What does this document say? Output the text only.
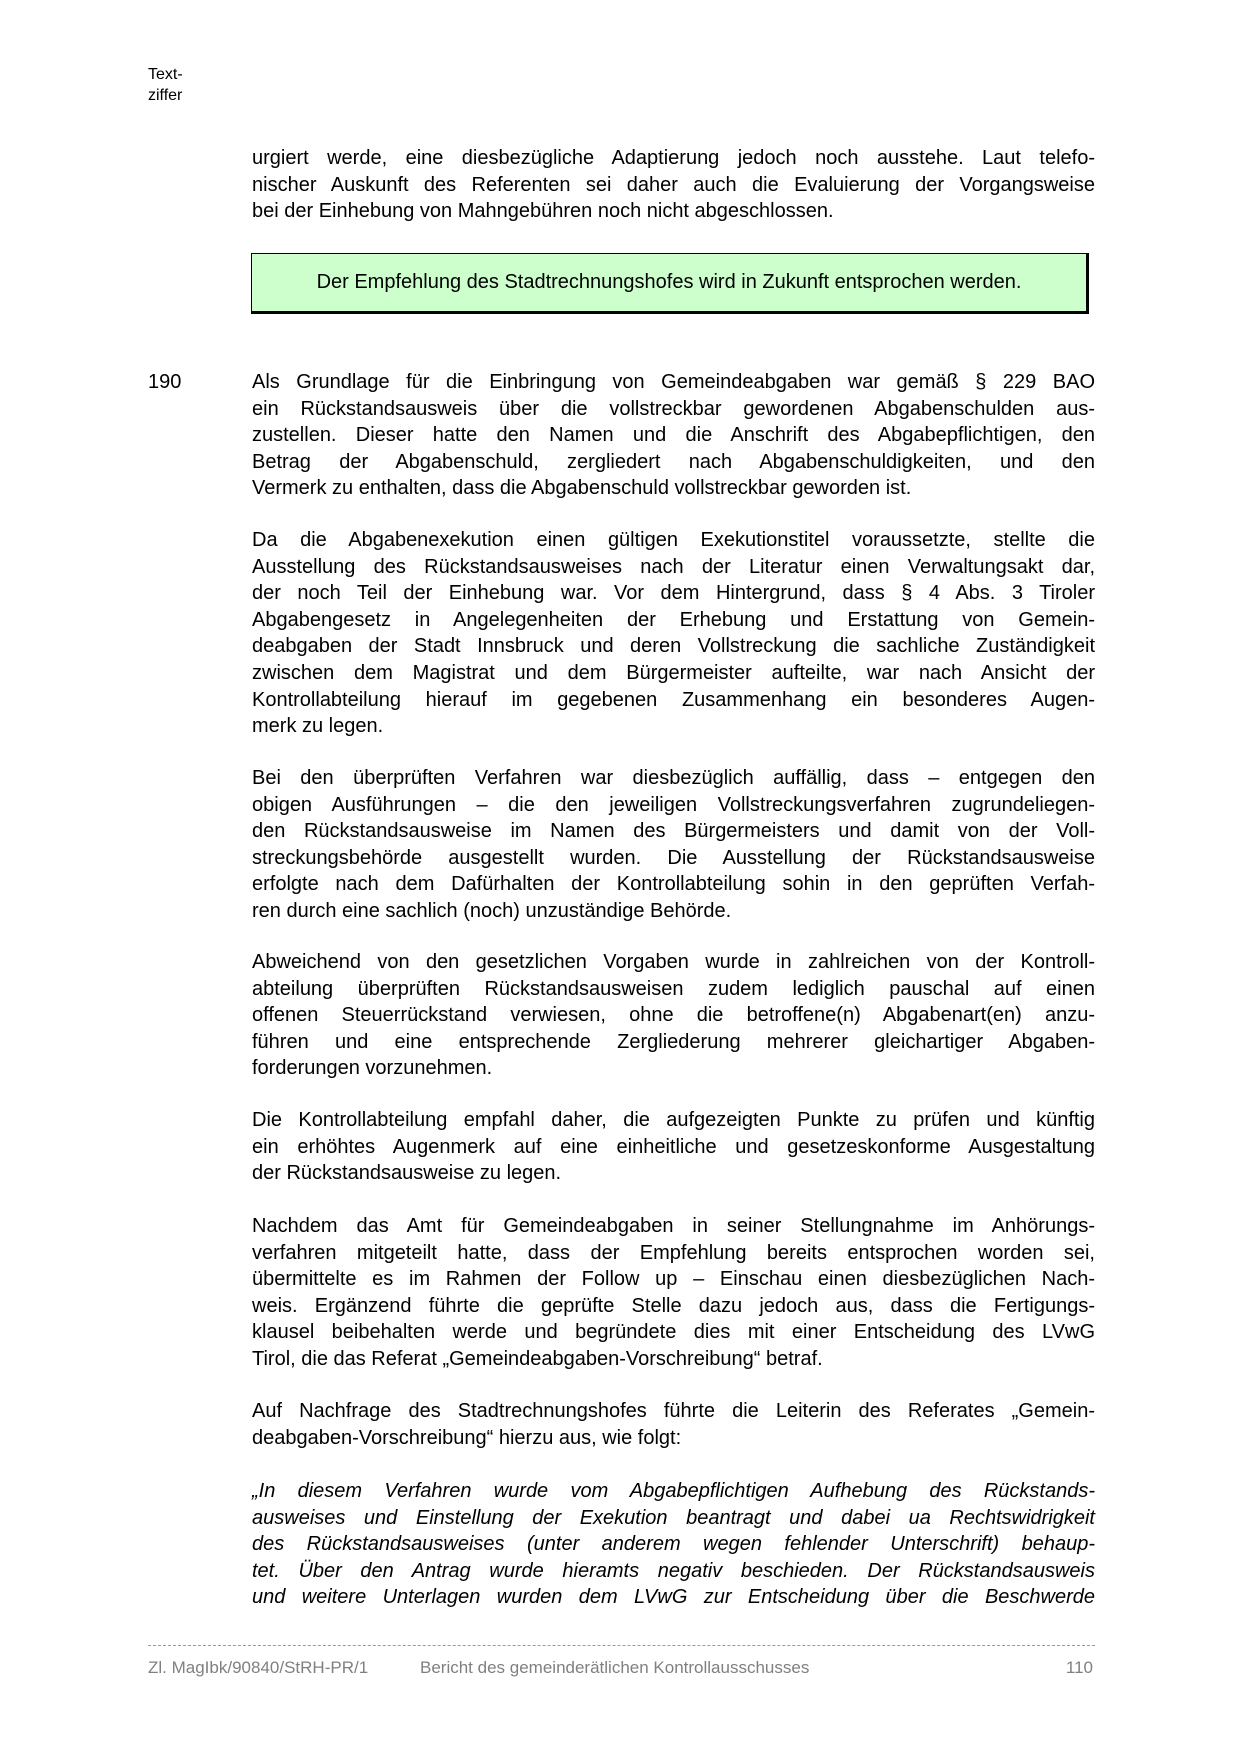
Text-
ziffer
urgiert werde, eine diesbezügliche Adaptierung jedoch noch ausstehe. Laut telefo-
nischer Auskunft des Referenten sei daher auch die Evaluierung der Vorgangsweise
bei der Einhebung von Mahngebühren noch nicht abgeschlossen.
Der Empfehlung des Stadtrechnungshofes wird in Zukunft entsprochen werden.
190	Als Grundlage für die Einbringung von Gemeindeabgaben war gemäß § 229 BAO
ein Rückstandsausweis über die vollstreckbar gewordenen Abgabenschulden aus-
zustellen. Dieser hatte den Namen und die Anschrift des Abgabepflichtigen, den
Betrag der Abgabenschuld, zergliedert nach Abgabenschuldigkeiten, und den
Vermerk zu enthalten, dass die Abgabenschuld vollstreckbar geworden ist.
Da die Abgabenexekution einen gültigen Exekutionstitel voraussetzte, stellte die
Ausstellung des Rückstandsausweises nach der Literatur einen Verwaltungsakt dar,
der noch Teil der Einhebung war. Vor dem Hintergrund, dass § 4 Abs. 3 Tiroler
Abgabengesetz in Angelegenheiten der Erhebung und Erstattung von Gemein-
deabgaben der Stadt Innsbruck und deren Vollstreckung die sachliche Zuständigkeit
zwischen dem Magistrat und dem Bürgermeister aufteilte, war nach Ansicht der
Kontrollabteilung hierauf im gegebenen Zusammenhang ein besonderes Augen-
merk zu legen.
Bei den überprüften Verfahren war diesbezüglich auffällig, dass – entgegen den
obigen Ausführungen – die den jeweiligen Vollstreckungsverfahren zugrundeliegen-
den Rückstandsausweise im Namen des Bürgermeisters und damit von der Voll-
streckungsbehörde ausgestellt wurden. Die Ausstellung der Rückstandsausweise
erfolgte nach dem Dafürhalten der Kontrollabteilung sohin in den geprüften Verfah-
ren durch eine sachlich (noch) unzuständige Behörde.
Abweichend von den gesetzlichen Vorgaben wurde in zahlreichen von der Kontroll-
abteilung überprüften Rückstandsausweisen zudem lediglich pauschal auf einen
offenen Steuerrückstand verwiesen, ohne die betroffene(n) Abgabenart(en) anzu-
führen und eine entsprechende Zergliederung mehrerer gleichartiger Abgaben-
forderungen vorzunehmen.
Die Kontrollabteilung empfahl daher, die aufgezeigten Punkte zu prüfen und künftig
ein erhöhtes Augenmerk auf eine einheitliche und gesetzeskonforme Ausgestaltung
der Rückstandsausweise zu legen.
Nachdem das Amt für Gemeindeabgaben in seiner Stellungnahme im Anhörungs-
verfahren mitgeteilt hatte, dass der Empfehlung bereits entsprochen worden sei,
übermittelte es im Rahmen der Follow up – Einschau einen diesbezüglichen Nach-
weis. Ergänzend führte die geprüfte Stelle dazu jedoch aus, dass die Fertigungs-
klausel beibehalten werde und begründete dies mit einer Entscheidung des LVwG
Tirol, die das Referat „Gemeindeabgaben-Vorschreibung“ betraf.
Auf Nachfrage des Stadtrechnungshofes führte die Leiterin des Referates „Gemein-
deabgaben-Vorschreibung“ hierzu aus, wie folgt:
„In diesem Verfahren wurde vom Abgabepflichtigen Aufhebung des Rückstands-
ausweises und Einstellung der Exekution beantragt und dabei ua Rechtswidrigkeit
des Rückstandsausweises (unter anderem wegen fehlender Unterschrift) behaup-
tet. Über den Antrag wurde hieramts negativ beschieden. Der Rückstandsausweis
und weitere Unterlagen wurden dem LVwG zur Entscheidung über die Beschwerde
Zl. MagIbk/90840/StRH-PR/1	Bericht des gemeinderätlichen Kontrollausschusses	110
